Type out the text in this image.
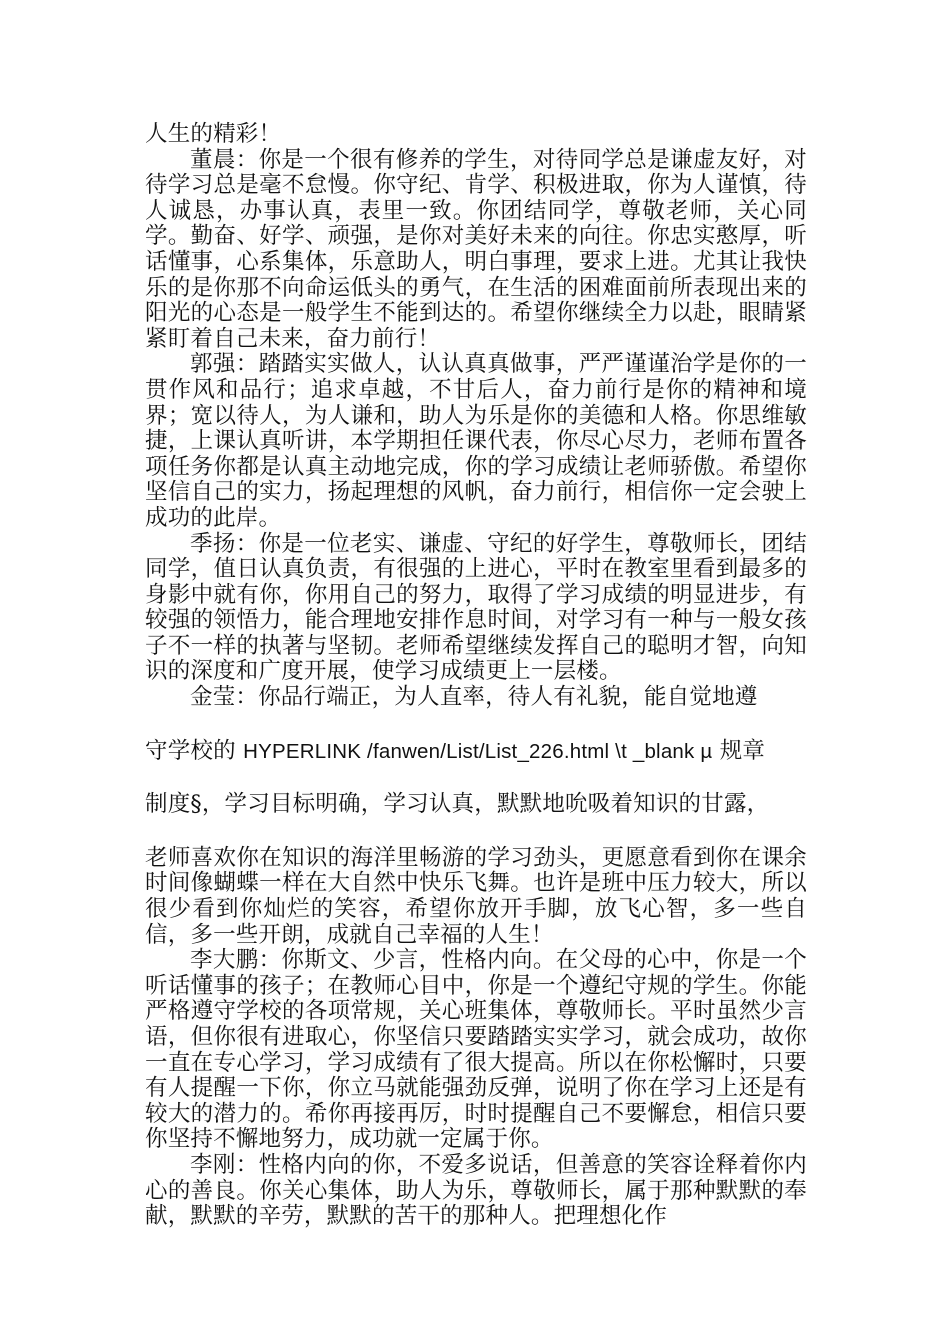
人生的精彩！

董晨：你是一个很有修养的学生，对待同学总是谦虚友好，对待学习总是毫不怠慢。你守纪、肯学、积极进取，你为人谨慎，待人诚恳，办事认真，表里一致。你团结同学，尊敬老师，关心同学。勤奋、好学、顽强，是你对美好未来的向往。你忠实憨厚，听话懂事，心系集体，乐意助人，明白事理，要求上进。尤其让我快乐的是你那不向命运低头的勇气，在生活的困难面前所表现出来的阳光的心态是一般学生不能到达的。希望你继续全力以赴，眼睛紧紧盯着自己未来，奋力前行！

郭强：踏踏实实做人，认认真真做事，严严谨谨治学是你的一贯作风和品行；追求卓越，不甘后人，奋力前行是你的精神和境界；宽以待人，为人谦和，助人为乐是你的美德和人格。你思维敏捷，上课认真听讲，本学期担任课代表，你尽心尽力，老师布置各项任务你都是认真主动地完成，你的学习成绩让老师骄傲。希望你坚信自己的实力，扬起理想的风帆，奋力前行，相信你一定会驶上成功的此岸。

季扬：你是一位老实、谦虚、守纪的好学生，尊敬师长，团结同学，值日认真负责，有很强的上进心，平时在教室里看到最多的身影中就有你，你用自己的努力，取得了学习成绩的明显进步，有较强的领悟力，能合理地安排作息时间，对学习有一种与一般女孩子不一样的执著与坚韧。老师希望继续发挥自己的聪明才智，向知识的深度和广度开展，使学习成绩更上一层楼。

金莹：你品行端正，为人直率，待人有礼貌，能自觉地遵

守学校的 HYPERLINK /fanwen/List/List_226.html \t _blank µ 规章

制度§，学习目标明确，学习认真，默默地吮吸着知识的甘露，

老师喜欢你在知识的海洋里畅游的学习劲头，更愿意看到你在课余时间像蝴蝶一样在大自然中快乐飞舞。也许是班中压力较大，所以很少看到你灿烂的笑容，希望你放开手脚，放飞心智，多一些自信，多一些开朗，成就自己幸福的人生！

李大鹏：你斯文、少言，性格内向。在父母的心中，你是一个听话懂事的孩子；在教师心目中，你是一个遵纪守规的学生。你能严格遵守学校的各项常规，关心班集体，尊敬师长。平时虽然少言语，但你很有进取心，你坚信只要踏踏实实学习，就会成功，故你一直在专心学习，学习成绩有了很大提高。所以在你松懈时，只要有人提醒一下你，你立马就能强劲反弹，说明了你在学习上还是有较大的潜力的。希你再接再厉，时时提醒自己不要懈怠，相信只要你坚持不懈地努力，成功就一定属于你。

李刚：性格内向的你，不爱多说话，但善意的笑容诠释着你内心的善良。你关心集体，助人为乐，尊敬师长，属于那种默默的奉献，默默的辛劳，默默的苦干的那种人。把理想化作
